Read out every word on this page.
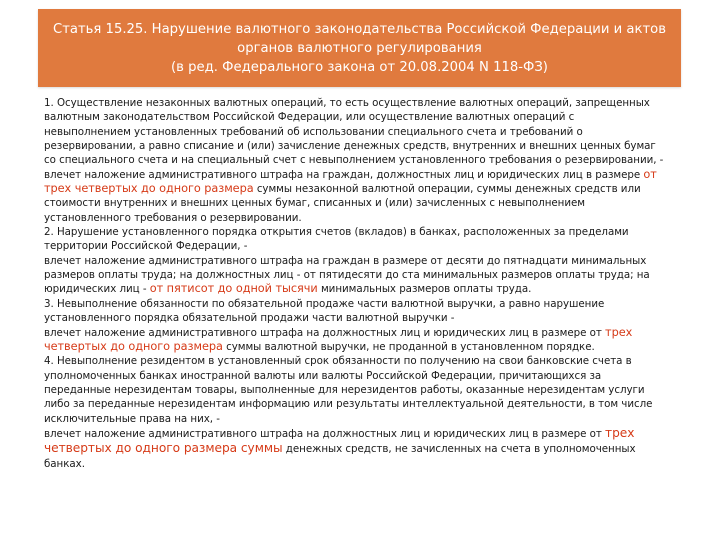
Статья 15.25. Нарушение валютного законодательства Российской Федерации и актов
органов валютного регулирования
(в ред. Федерального закона от 20.08.2004 N 118-ФЗ)
1. Осуществление незаконных валютных операций, то есть осуществление валютных операций, запрещенных
валютным законодательством Российской Федерации, или осуществление валютных операций с
невыполнением установленных требований об использовании специального счета и требований о
резервировании, а равно списание и (или) зачисление денежных средств, внутренних и внешних ценных бумаг
со специального счета и на специальный счет с невыполнением установленного требования о резервировании, -
влечет наложение административного штрафа на граждан, должностных лиц и юридических лиц в размере от
трех четвертых до одного размера суммы незаконной валютной операции, суммы денежных средств или
стоимости внутренних и внешних ценных бумаг, списанных и (или) зачисленных с невыполнением
установленного требования о резервировании.
2. Нарушение установленного порядка открытия счетов (вкладов) в банках, расположенных за пределами
территории Российской Федерации, -
влечет наложение административного штрафа на граждан в размере от десяти до пятнадцати минимальных
размеров оплаты труда; на должностных лиц - от пятидесяти до ста минимальных размеров оплаты труда; на
юридических лиц - от пятисот до одной тысячи минимальных размеров оплаты труда.
3. Невыполнение обязанности по обязательной продаже части валютной выручки, а равно нарушение
установленного порядка обязательной продажи части валютной выручки -
влечет наложение административного штрафа на должностных лиц и юридических лиц в размере от трех
четвертых до одного размера суммы валютной выручки, не проданной в установленном порядке.
4. Невыполнение резидентом в установленный срок обязанности по получению на свои банковские счета в
уполномоченных банках иностранной валюты или валюты Российской Федерации, причитающихся за
переданные нерезидентам товары, выполненные для нерезидентов работы, оказанные нерезидентам услуги
либо за переданные нерезидентам информацию или результаты интеллектуальной деятельности, в том числе
исключительные права на них, -
влечет наложение административного штрафа на должностных лиц и юридических лиц в размере от трех
четвертых до одного размера суммы денежных средств, не зачисленных на счета в уполномоченных
банках.
